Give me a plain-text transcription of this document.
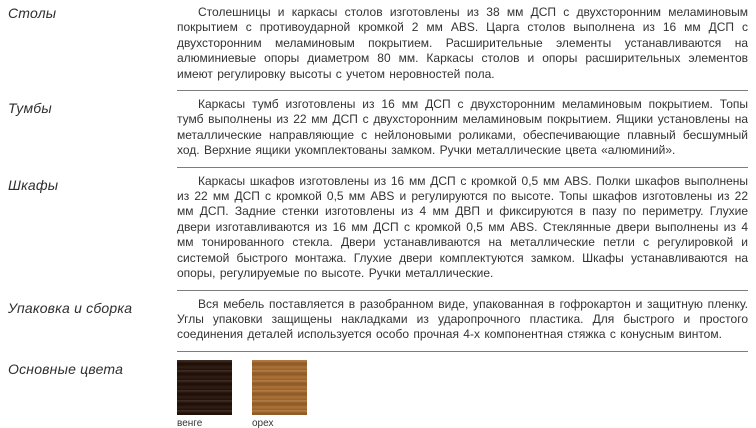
Столы	Столешницы и каркасы столов изготовлены из 38 мм ДСП с двухсторонним меламиновым покрытием с противоударной кромкой 2 мм ABS. Царга столов выполнена из 16 мм ДСП с двухсторонним меламиновым покрытием. Расширительные элементы устанавливаются на алюминиевые опоры диаметром 80 мм. Каркасы столов и опоры расширительных элементов имеют регулировку высоты с учетом неровностей пола.

Тумбы	Каркасы тумб изготовлены из 16 мм ДСП с двухсторонним меламиновым покрытием. Топы тумб выполнены из 22 мм ДСП с двухсторонним меламиновым покрытием. Ящики установлены на металлические направляющие с нейлоновыми роликами, обеспечивающие плавный бесшумный ход. Верхние ящики укомплектованы замком. Ручки металлические цвета «алюминий».

Шкафы	Каркасы шкафов изготовлены из 16 мм ДСП с кромкой 0,5 мм ABS. Полки шкафов выполнены из 22 мм ДСП с кромкой 0,5 мм ABS и регулируются по высоте. Топы шкафов изготовлены из 22 мм ДСП. Задние стенки изготовлены из 4 мм ДВП и фиксируются в пазу по периметру. Глухие двери изготавливаются из 16 мм ДСП с кромкой 0,5 мм ABS. Стеклянные двери выполнены из 4 мм тонированного стекла. Двери устанавливаются на металлические петли с регулировкой и системой быстрого монтажа. Глухие двери комплектуются замком. Шкафы устанавливаются на опоры, регулируемые по высоте. Ручки металлические.

Упаковка и сборка	Вся мебель поставляется в разобранном виде, упакованная в гофрокартон и защитную пленку. Углы упаковки защищены накладками из ударопрочного пластика. Для быстрого и простого соединения деталей используется особо прочная 4-х компонентная стяжка с конусным винтом.

Основные цвета
венге	орех
